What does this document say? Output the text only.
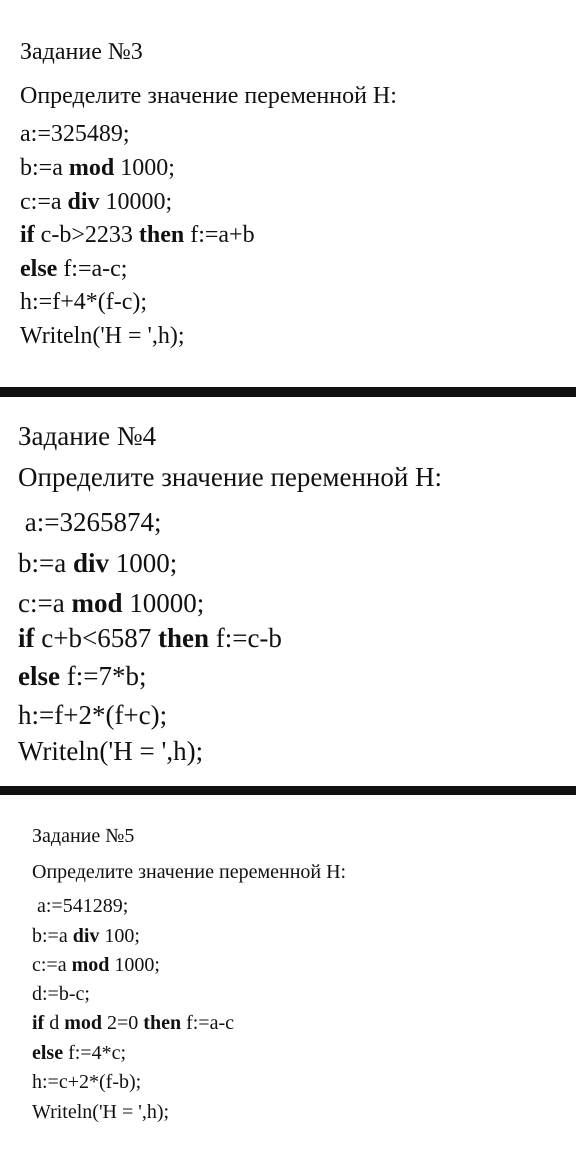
Задание №3
Определите значение переменной H:
a:=325489;
b:=a mod 1000;
c:=a div 10000;
if c-b>2233 then f:=a+b
else f:=a-c;
h:=f+4*(f-c);
Writeln('H = ',h);
Задание №4
Определите значение переменной H:
a:=3265874;
b:=a div 1000;
c:=a mod 10000;
if c+b<6587 then f:=c-b
else f:=7*b;
h:=f+2*(f+c);
Writeln('H = ',h);
Задание №5
Определите значение переменной H:
a:=541289;
b:=a div 100;
c:=a mod 1000;
d:=b-c;
if d mod 2=0 then f:=a-c
else f:=4*c;
h:=c+2*(f-b);
Writeln('H = ',h);
